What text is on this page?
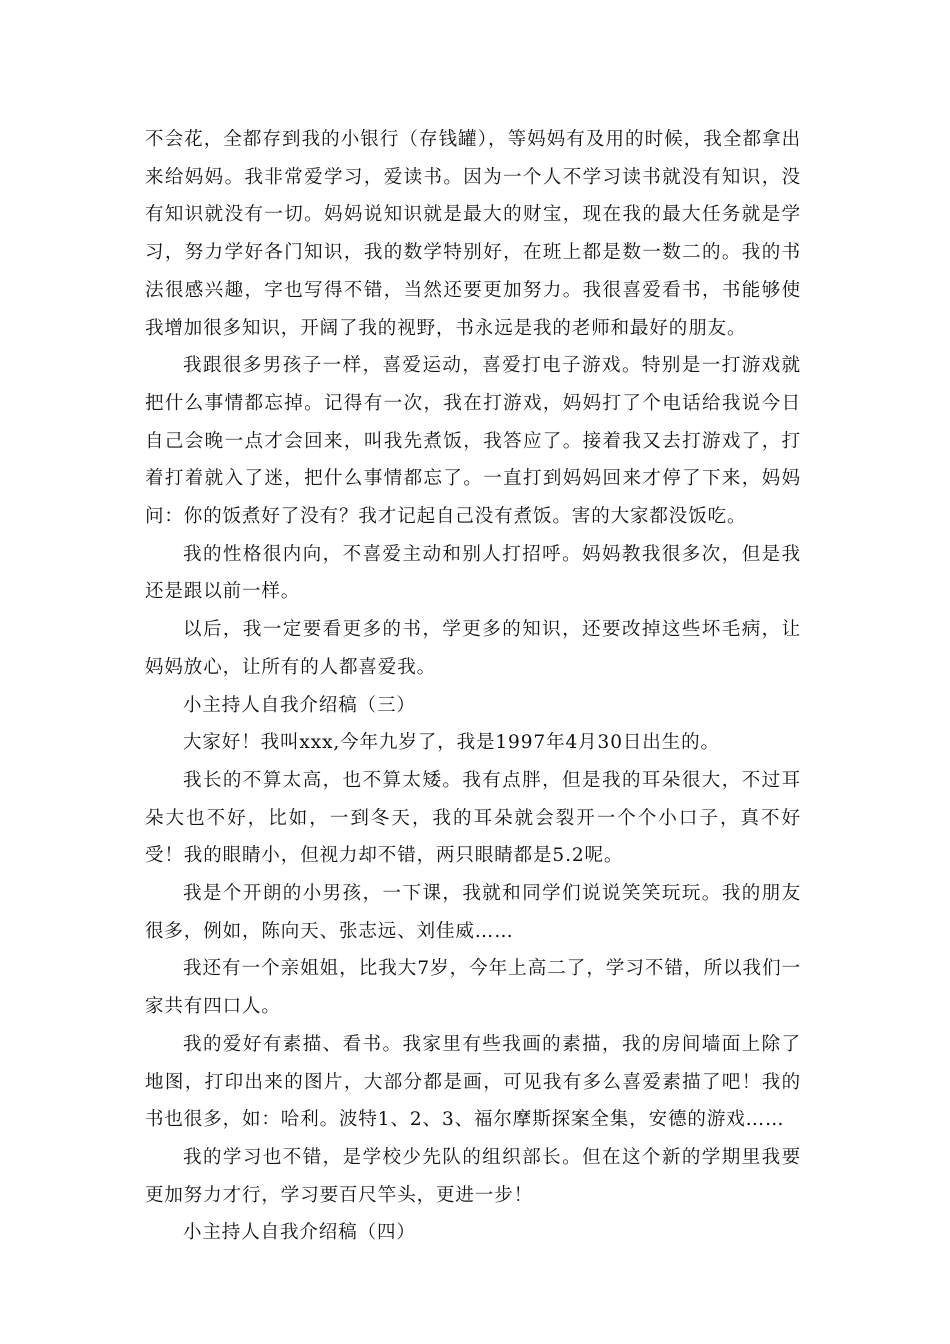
不会花，全都存到我的小银行（存钱罐），等妈妈有及用的时候，我全都拿出来给妈妈。我非常爱学习，爱读书。因为一个人不学习读书就没有知识，没有知识就没有一切。妈妈说知识就是最大的财宝，现在我的最大任务就是学习，努力学好各门知识，我的数学特别好，在班上都是数一数二的。我的书法很感兴趣，字也写得不错，当然还要更加努力。我很喜爱看书，书能够使我增加很多知识，开阔了我的视野，书永远是我的老师和最好的朋友。

我跟很多男孩子一样，喜爱运动，喜爱打电子游戏。特别是一打游戏就把什么事情都忘掉。记得有一次，我在打游戏，妈妈打了个电话给我说今日自己会晚一点才会回来，叫我先煮饭，我答应了。接着我又去打游戏了，打着打着就入了迷，把什么事情都忘了。一直打到妈妈回来才停了下来，妈妈问：你的饭煮好了没有？我才记起自己没有煮饭。害的大家都没饭吃。

我的性格很内向，不喜爱主动和别人打招呼。妈妈教我很多次，但是我还是跟以前一样。

以后，我一定要看更多的书，学更多的知识，还要改掉这些坏毛病，让妈妈放心，让所有的人都喜爱我。

小主持人自我介绍稿（三）

大家好！我叫xxx,今年九岁了，我是1997年4月30日出生的。

我长的不算太高，也不算太矮。我有点胖，但是我的耳朵很大，不过耳朵大也不好，比如，一到冬天，我的耳朵就会裂开一个个小口子，真不好受！我的眼睛小，但视力却不错，两只眼睛都是5.2呢。

我是个开朗的小男孩，一下课，我就和同学们说说笑笑玩玩。我的朋友很多，例如，陈向天、张志远、刘佳威……

我还有一个亲姐姐，比我大7岁，今年上高二了，学习不错，所以我们一家共有四口人。

我的爱好有素描、看书。我家里有些我画的素描，我的房间墙面上除了地图，打印出来的图片，大部分都是画，可见我有多么喜爱素描了吧！我的书也很多，如：哈利。波特1、2、3、福尔摩斯探案全集，安德的游戏……

我的学习也不错，是学校少先队的组织部长。但在这个新的学期里我要更加努力才行，学习要百尺竿头，更进一步！

小主持人自我介绍稿（四）
